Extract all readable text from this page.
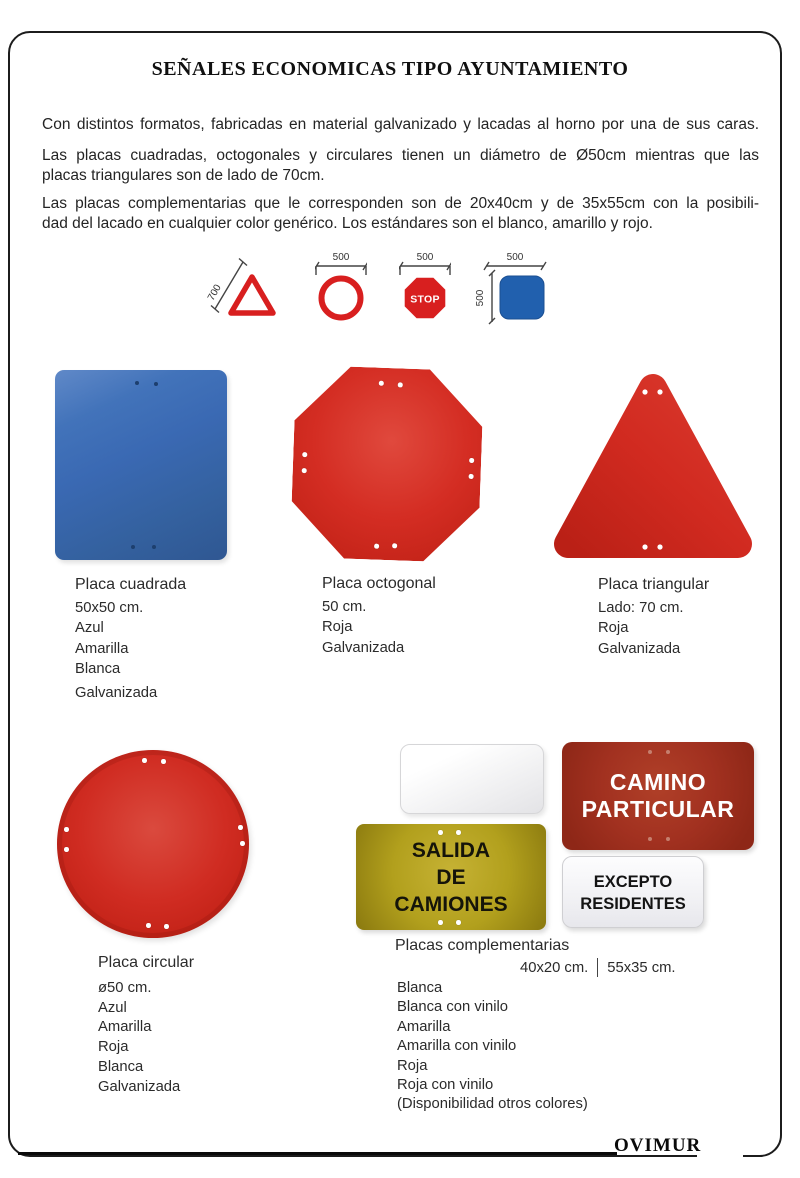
SEÑALES ECONOMICAS TIPO AYUNTAMIENTO
Con distintos formatos, fabricadas en material galvanizado y lacadas al horno por una de sus caras.
Las placas cuadradas, octogonales y circulares tienen un diámetro de Ø50cm mientras que las
placas triangulares son de lado de 70cm.
Las placas complementarias que le corresponden son de 20x40cm y de 35x55cm con la posibili-
dad del lacado en cualquier color genérico. Los estándares son el blanco, amarillo y rojo.
700
500	500
STOP
500
500
Placa cuadrada
50x50 cm.
Azul
Amarilla
Blanca
Galvanizada
Placa octogonal
50 cm.
Roja
Galvanizada
Placa triangular
Lado: 70 cm.
Roja
Galvanizada
Placa circular
ø50 cm.
Azul
Amarilla
Roja
Blanca
Galvanizada
CAMINO
PARTICULAR
SALIDA
DE
CAMIONES
EXCEPTO
RESIDENTES
Placas complementarias
40x20 cm. 55x35 cm.
Blanca
Blanca con vinilo
Amarilla
Amarilla con vinilo
Roja
Roja con vinilo
(Disponibilidad otros colores)
OVIMUR
